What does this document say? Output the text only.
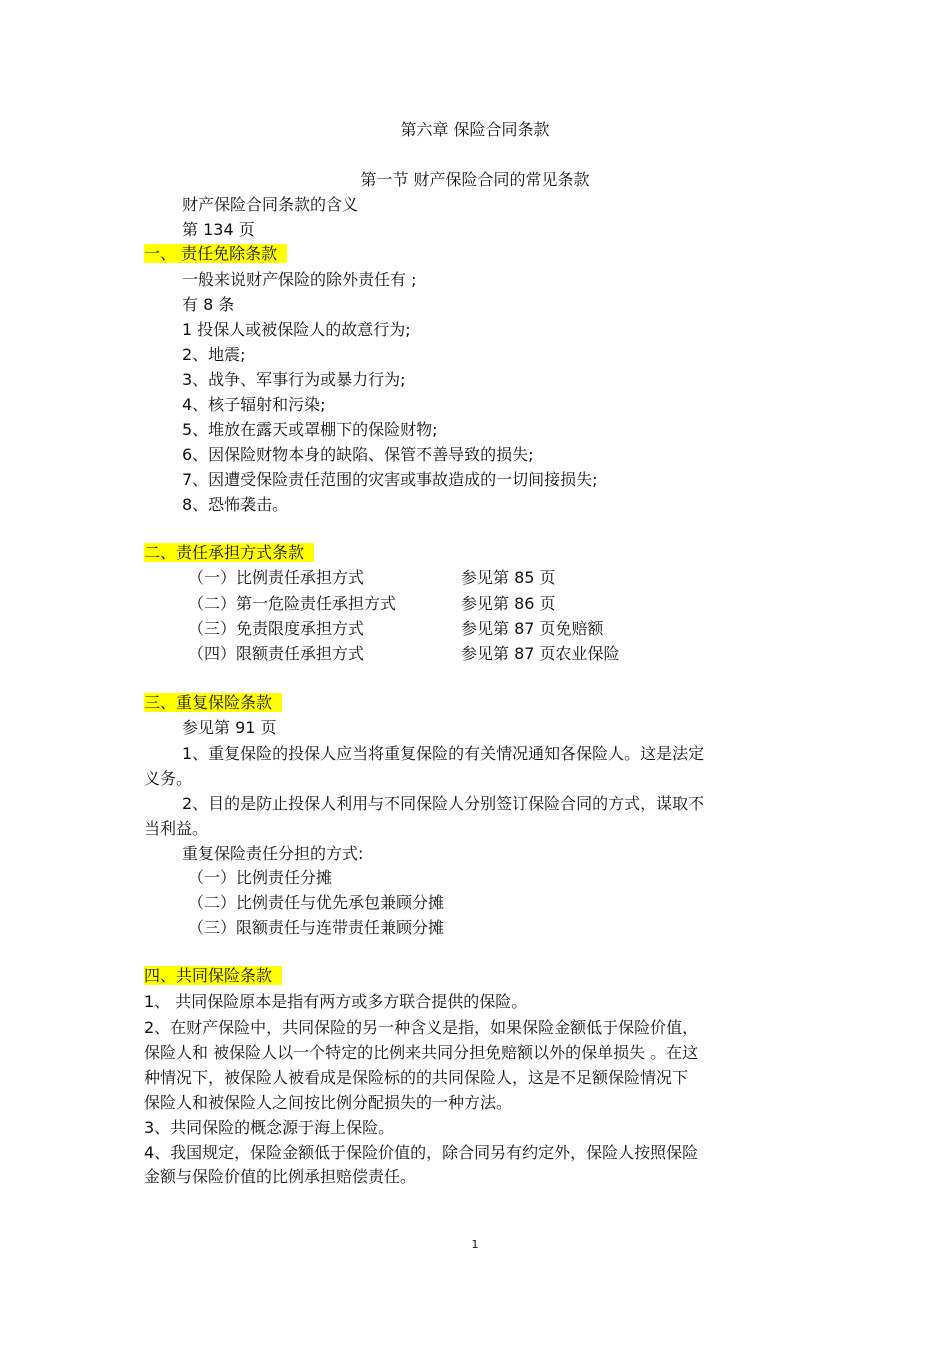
第六章 保险合同条款
第一节 财产保险合同的常见条款
财产保险合同条款的含义
第 134 页
一、 责任免除条款
一般来说财产保险的除外责任有 ;
有 8 条
1 投保人或被保险人的故意行为;
2、地震;
3、战争、军事行为或暴力行为;
4、核子辐射和污染;
5、堆放在露天或罩棚下的保险财物;
6、因保险财物本身的缺陷、保管不善导致的损失;
7、因遭受保险责任范围的灾害或事故造成的一切间接损失;
8、恐怖袭击。
二、责任承担方式条款
（一）比例责任承担方式	参见第 85 页
（二）第一危险责任承担方式	参见第 86 页
（三）免责限度承担方式	参见第 87 页免赔额
（四）限额责任承担方式	参见第 87 页农业保险
三、重复保险条款
参见第 91 页
1、重复保险的投保人应当将重复保险的有关情况通知各保险人。这是法定
义务。
2、目的是防止投保人利用与不同保险人分别签订保险合同的方式，谋取不
当利益。
重复保险责任分担的方式:
（一）比例责任分摊
（二）比例责任与优先承包兼顾分摊
（三）限额责任与连带责任兼顾分摊
四、共同保险条款
1、 共同保险原本是指有两方或多方联合提供的保险。
2、在财产保险中，共同保险的另一种含义是指，如果保险金额低于保险价值，
保险人和 被保险人以一个特定的比例来共同分担免赔额以外的保单损失 。在这
种情况下，被保险人被看成是保险标的的共同保险人，这是不足额保险情况下
保险人和被保险人之间按比例分配损失的一种方法。
3、共同保险的概念源于海上保险。
4、我国规定，保险金额低于保险价值的，除合同另有约定外，保险人按照保险
金额与保险价值的比例承担赔偿责任。
1
